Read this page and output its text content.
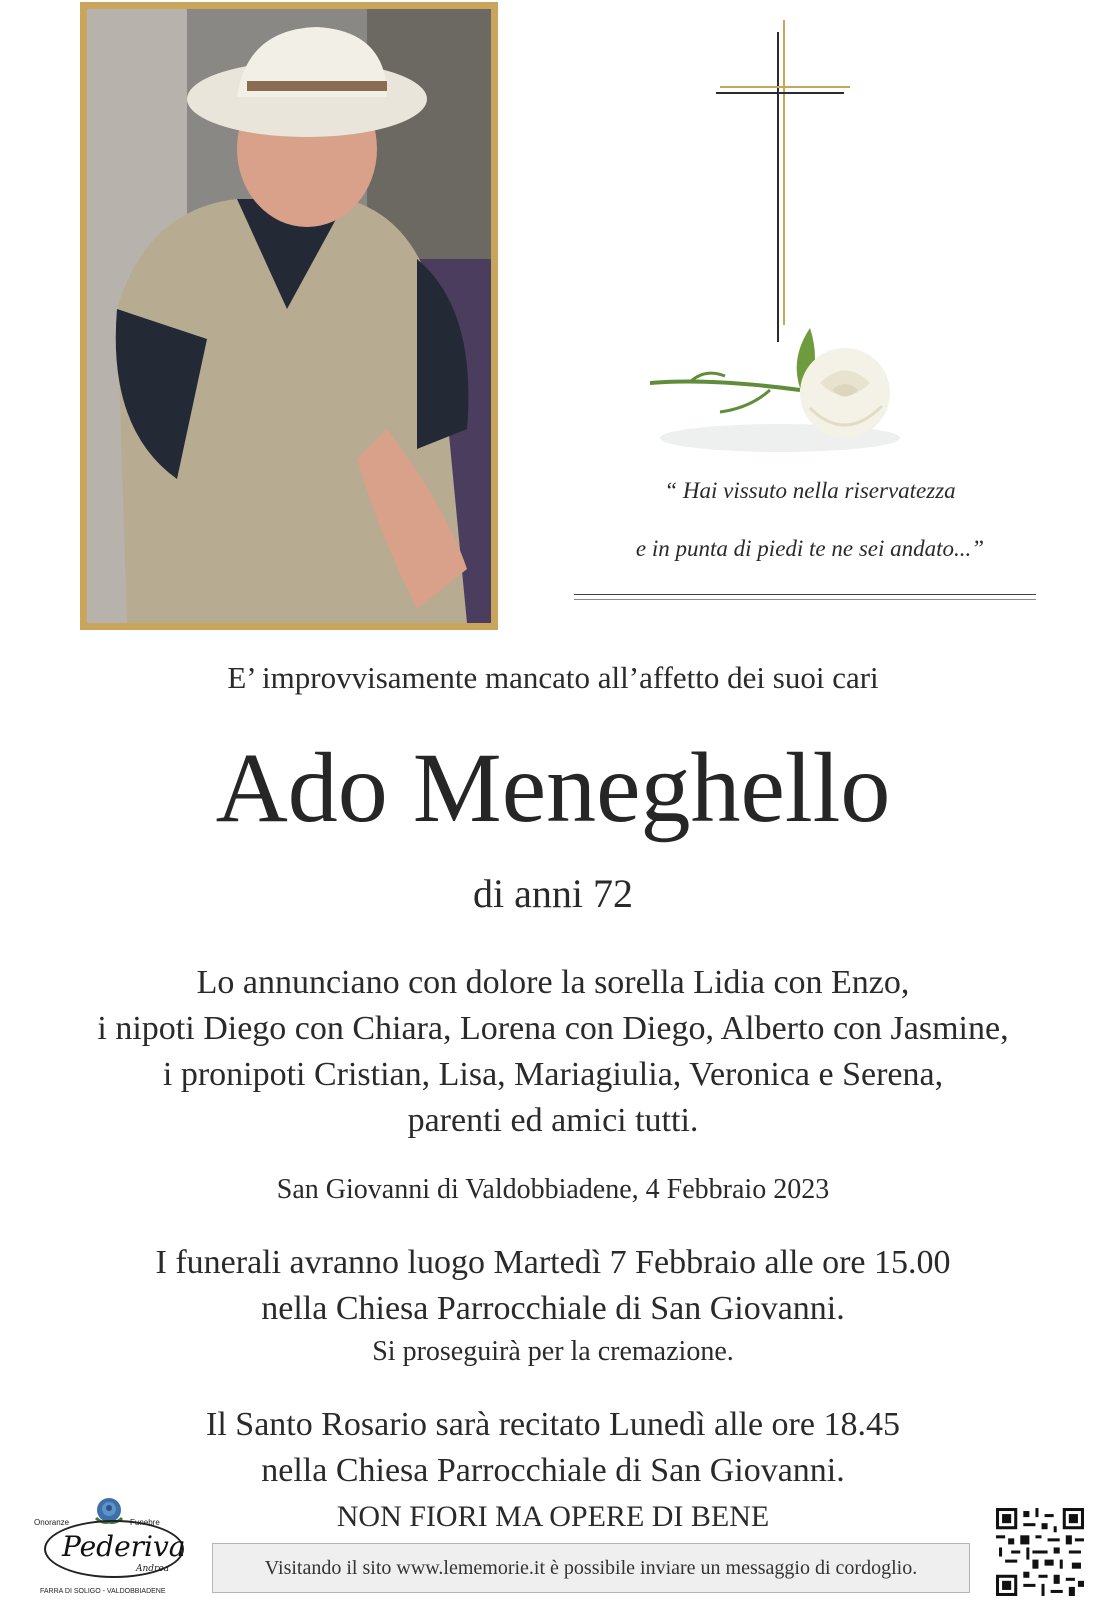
“ Hai vissuto nella riservatezza
e in punta di piedi te ne sei andato...”
E’ improvvisamente mancato all’affetto dei suoi cari
Ado Meneghello
di anni 72
Lo annunciano con dolore la sorella Lidia con Enzo,
i nipoti Diego con Chiara, Lorena con Diego, Alberto con Jasmine,
i pronipoti Cristian, Lisa, Mariagiulia, Veronica e Serena,
parenti ed amici tutti.
San Giovanni di Valdobbiadene, 4 Febbraio 2023
I funerali avranno luogo Martedì 7 Febbraio alle ore 15.00
nella Chiesa Parrocchiale di San Giovanni.
Si proseguirà per la cremazione.
Il Santo Rosario sarà recitato Lunedì alle ore 18.45
nella Chiesa Parrocchiale di San Giovanni.
NON FIORI MA OPERE DI BENE
Visitando il sito www.lememorie.it è possibile inviare un messaggio di cordoglio.
Onoranze	Funebre
Pederiva
Andrea
FARRA DI SOLIGO - VALDOBBIADENE
